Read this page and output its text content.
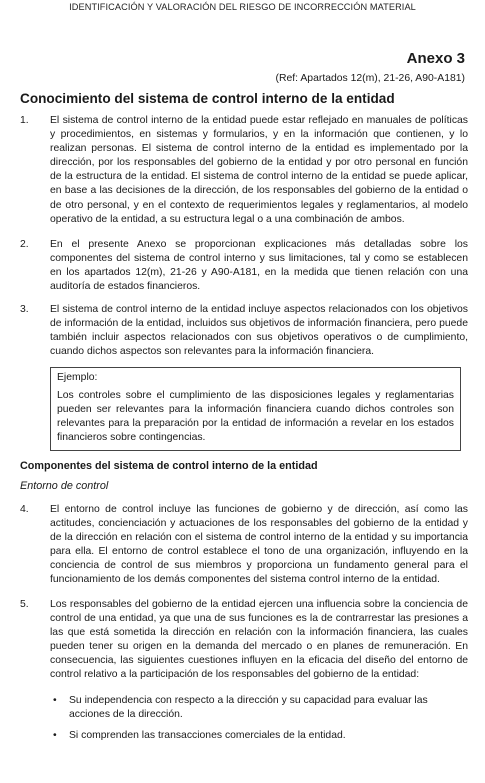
IDENTIFICACIÓN Y VALORACIÓN DEL RIESGO DE INCORRECCIÓN MATERIAL
Anexo 3
(Ref: Apartados 12(m), 21-26, A90-A181)
Conocimiento del sistema de control interno de la entidad
1. El sistema de control interno de la entidad puede estar reflejado en manuales de políticas y procedimientos, en sistemas y formularios, y en la información que contienen, y lo realizan personas. El sistema de control interno de la entidad es implementado por la dirección, por los responsables del gobierno de la entidad y por otro personal en función de la estructura de la entidad. El sistema de control interno de la entidad se puede aplicar, en base a las decisiones de la dirección, de los responsables del gobierno de la entidad o de otro personal, y en el contexto de requerimientos legales y reglamentarios, al modelo operativo de la entidad, a su estructura legal o a una combinación de ambos.
2. En el presente Anexo se proporcionan explicaciones más detalladas sobre los componentes del sistema de control interno y sus limitaciones, tal y como se establecen en los apartados 12(m), 21-26 y A90-A181, en la medida que tienen relación con una auditoría de estados financieros.
3. El sistema de control interno de la entidad incluye aspectos relacionados con los objetivos de información de la entidad, incluidos sus objetivos de información financiera, pero puede también incluir aspectos relacionados con sus objetivos operativos o de cumplimiento, cuando dichos aspectos son relevantes para la información financiera.
Ejemplo:
Los controles sobre el cumplimiento de las disposiciones legales y reglamentarias pueden ser relevantes para la información financiera cuando dichos controles son relevantes para la preparación por la entidad de información a revelar en los estados financieros sobre contingencias.
Componentes del sistema de control interno de la entidad
Entorno de control
4. El entorno de control incluye las funciones de gobierno y de dirección, así como las actitudes, concienciación y actuaciones de los responsables del gobierno de la entidad y de la dirección en relación con el sistema de control interno de la entidad y su importancia para ella. El entorno de control establece el tono de una organización, influyendo en la conciencia de control de sus miembros y proporciona un fundamento general para el funcionamiento de los demás componentes del sistema control interno de la entidad.
5. Los responsables del gobierno de la entidad ejercen una influencia sobre la conciencia de control de una entidad, ya que una de sus funciones es la de contrarrestar las presiones a las que está sometida la dirección en relación con la información financiera, las cuales pueden tener su origen en la demanda del mercado o en planes de remuneración. En consecuencia, las siguientes cuestiones influyen en la eficacia del diseño del entorno de control relativo a la participación de los responsables del gobierno de la entidad:
• Su independencia con respecto a la dirección y su capacidad para evaluar las acciones de la dirección.
• Si comprenden las transacciones comerciales de la entidad.
